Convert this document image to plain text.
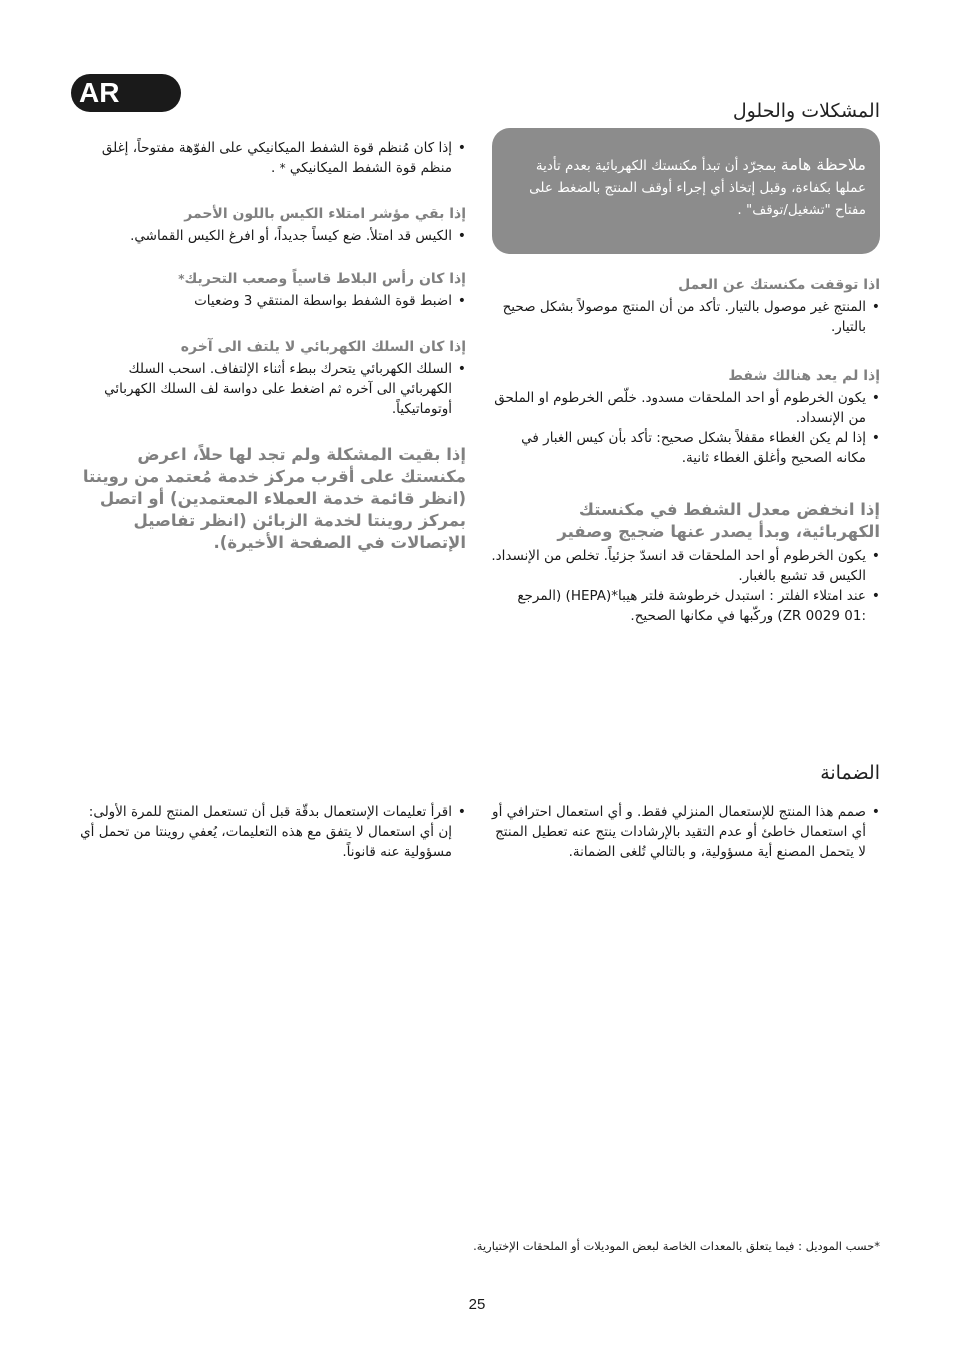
AR
المشكلات والحلول
ملاحظة هامة بمجرّد أن تبدأ مكنستك الكهربائية بعدم تأدية عملها بكفاءة، وقبل إتخاذ أي إجراء أوقف المنتج بالضغط على مفتاح "تشغيل/توقف" .
اذا توقفت مكنستك عن العمل
• المنتج غير موصول بالتيار. تأكد من أن المنتج موصولاً بشكل صحيح بالتيار.
إذا لم يعد هنالك شفط
• يكون الخرطوم أو احد الملحقات مسدود. خلّص الخرطوم او الملحق من الإنسداد.
• إذا لم يكن الغطاء مقفلاً بشكل صحيح: تأكد بأن كيس الغبار في مكانه الصحيح وأغلق الغطاء ثانية.
إذا انخفض معدل الشفط في مكنستك الكهربائية، وبدأ يصدر عنها ضجيج وصفير
• يكون الخرطوم أو احد الملحقات قد انسدّ جزئياً. تخلص من الإنسداد.
الكيس قد تشبع بالغبار.
• عند امتلاء الفلتر : استبدل خرطوشة فلتر هيبا*(HEPA) (المرجع :ZR 0029 01) وركّبها في مكانها الصحيح.
• إذا كان مُنظم قوة الشفط الميكانيكي على الفوّهة مفتوحاً، إغلق منظم قوة الشفط الميكانيكي * .
إذا بقي مؤشر امتلاء الكيس باللون الأحمر
• الكيس قد امتلأ. ضع كيساً جديداً، أو افرغ الكيس القماشي.
إذا كان رأس البلاط قاسياً وصعب التحريك*
• اضبط قوة الشفط بواسطة المنتقي 3 وضعيات
إذا كان السلك الكهربائي لا يلتف الى آخره
• السلك الكهربائي يتحرك ببطء أثناء الإلتفاف. اسحب السلك الكهربائي الى آخره ثم اضغط على دواسة لف السلك الكهربائي أوتوماتيكياً.
إذا بقيت المشكلة ولم تجد لها حلاً، اعرض مكنستك على أقرب مركز خدمة مُعتمد من روينتا (انظر قائمة خدمة العملاء المعتمدين) أو اتصل بمركز روينتا لخدمة الزبائن (انظر تفاصيل الإتصالات في الصفحة الأخيرة).
الضمانة
• صمم هذا المنتج للإستعمال المنزلي فقط. و أي استعمال احترافي أو أي استعمال خاطئ أو عدم التقيد بالإرشادات ينتج عنه تعطيل المنتج لا يتحمل المصنع أية مسؤولية، و بالتالي تُلغى الضمانة.
• اقرأ تعليمات الإستعمال بدقّة قبل أن تستعمل المنتج للمرة الأولى: إن أي استعمال لا يتفق مع هذه التعليمات، يُعفي روينتا من تحمل أي مسؤولية عنه قانوناً.
*حسب الموديل : فيما يتعلق بالمعدات الخاصة لبعض الموديلات أو الملحقات الإختيارية.
25
